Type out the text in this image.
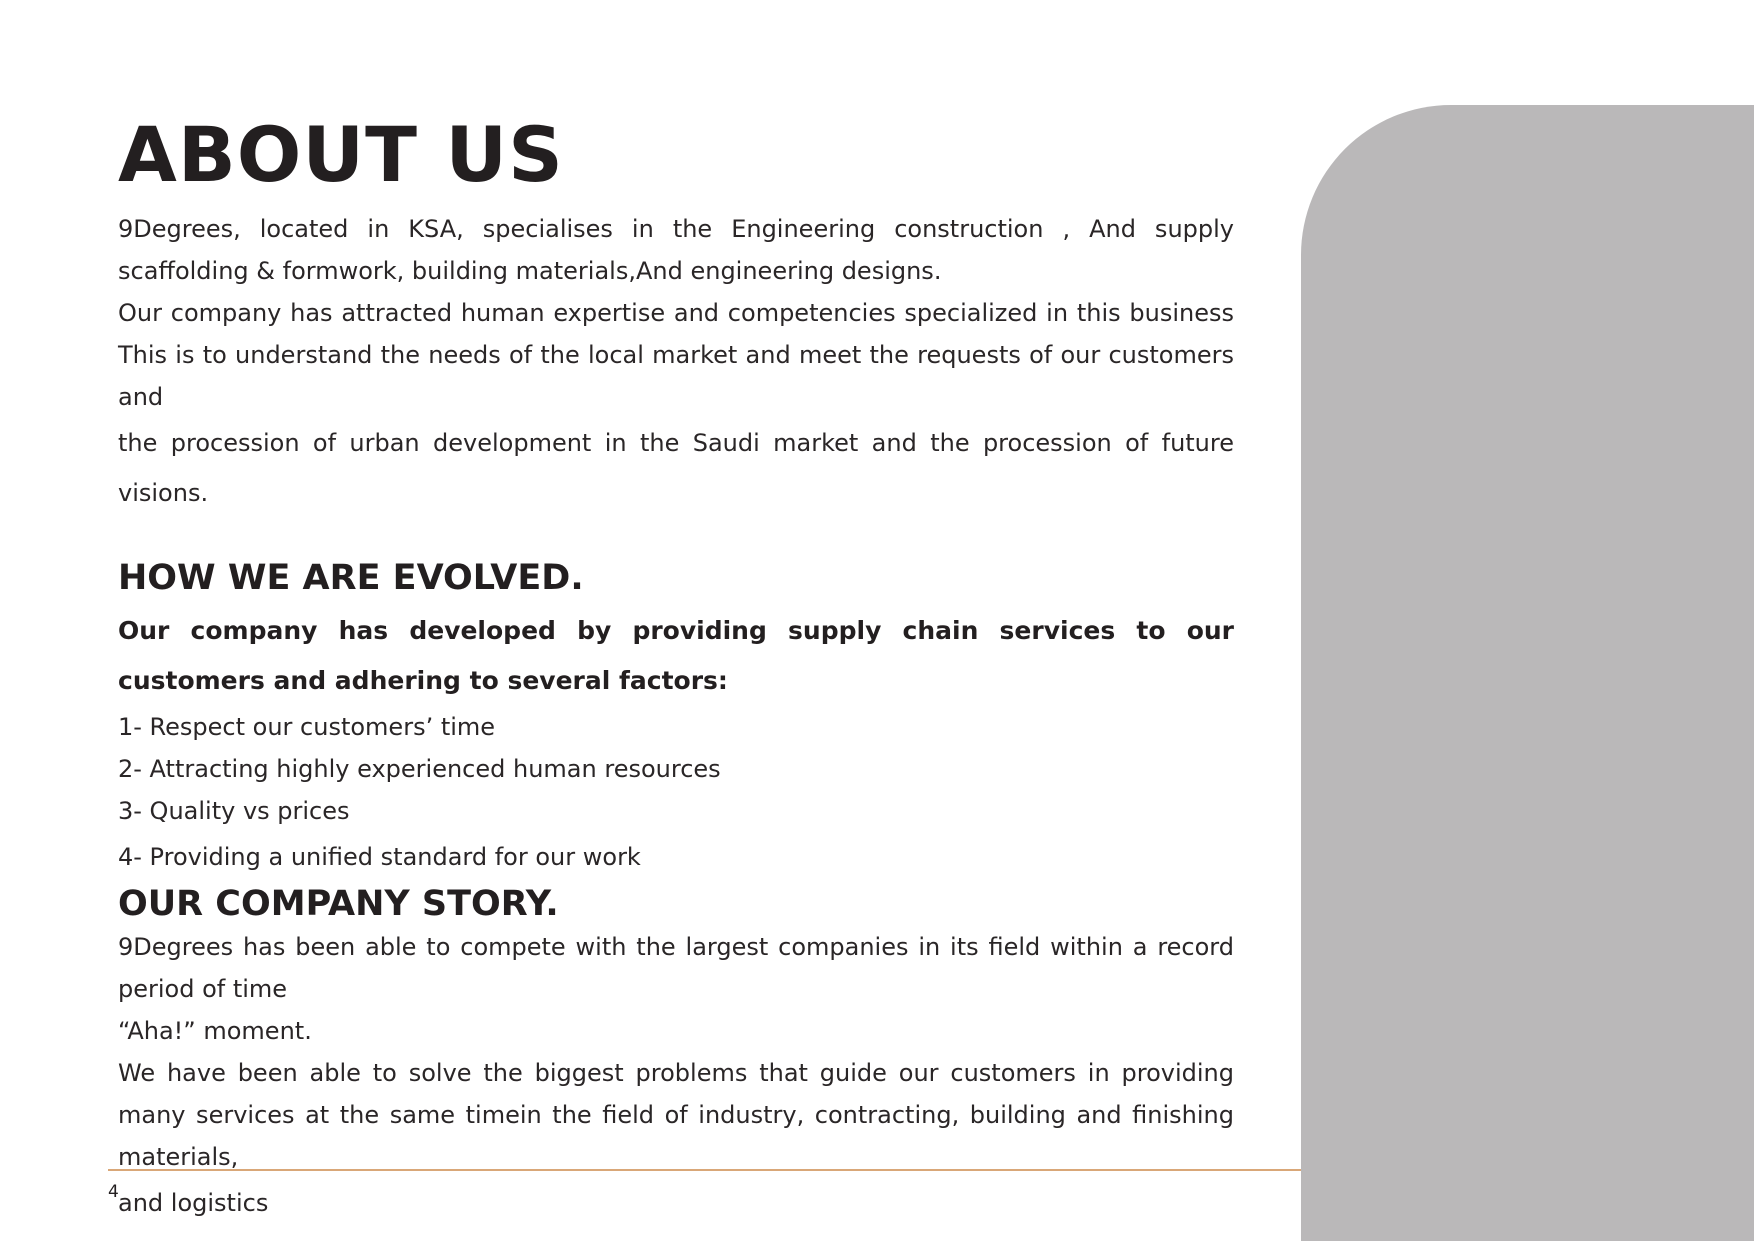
ABOUT US

9Degrees, located in KSA, specialises in the Engineering construction , And supply scaffolding & formwork, building materials,And engineering designs.

Our company has attracted human expertise and competencies specialized in this business This is to understand the needs of the local market and meet the requests of our customers and

the procession of urban development in the Saudi market and the procession of future visions.

HOW WE ARE EVOLVED.

Our company has developed by providing supply chain services to our customers and adhering to several factors:

1- Respect our customers’ time
2- Attracting highly experienced human resources
3- Quality vs prices
4- Providing a unified standard for our work
OUR COMPANY STORY.

9Degrees has been able to compete with the largest companies in its field within a record period of time

“Aha!” moment.

We have been able to solve the biggest problems that guide our customers in providing many services at the same timein the field of industry, contracting, building and finishing materials,

and logistics

4
